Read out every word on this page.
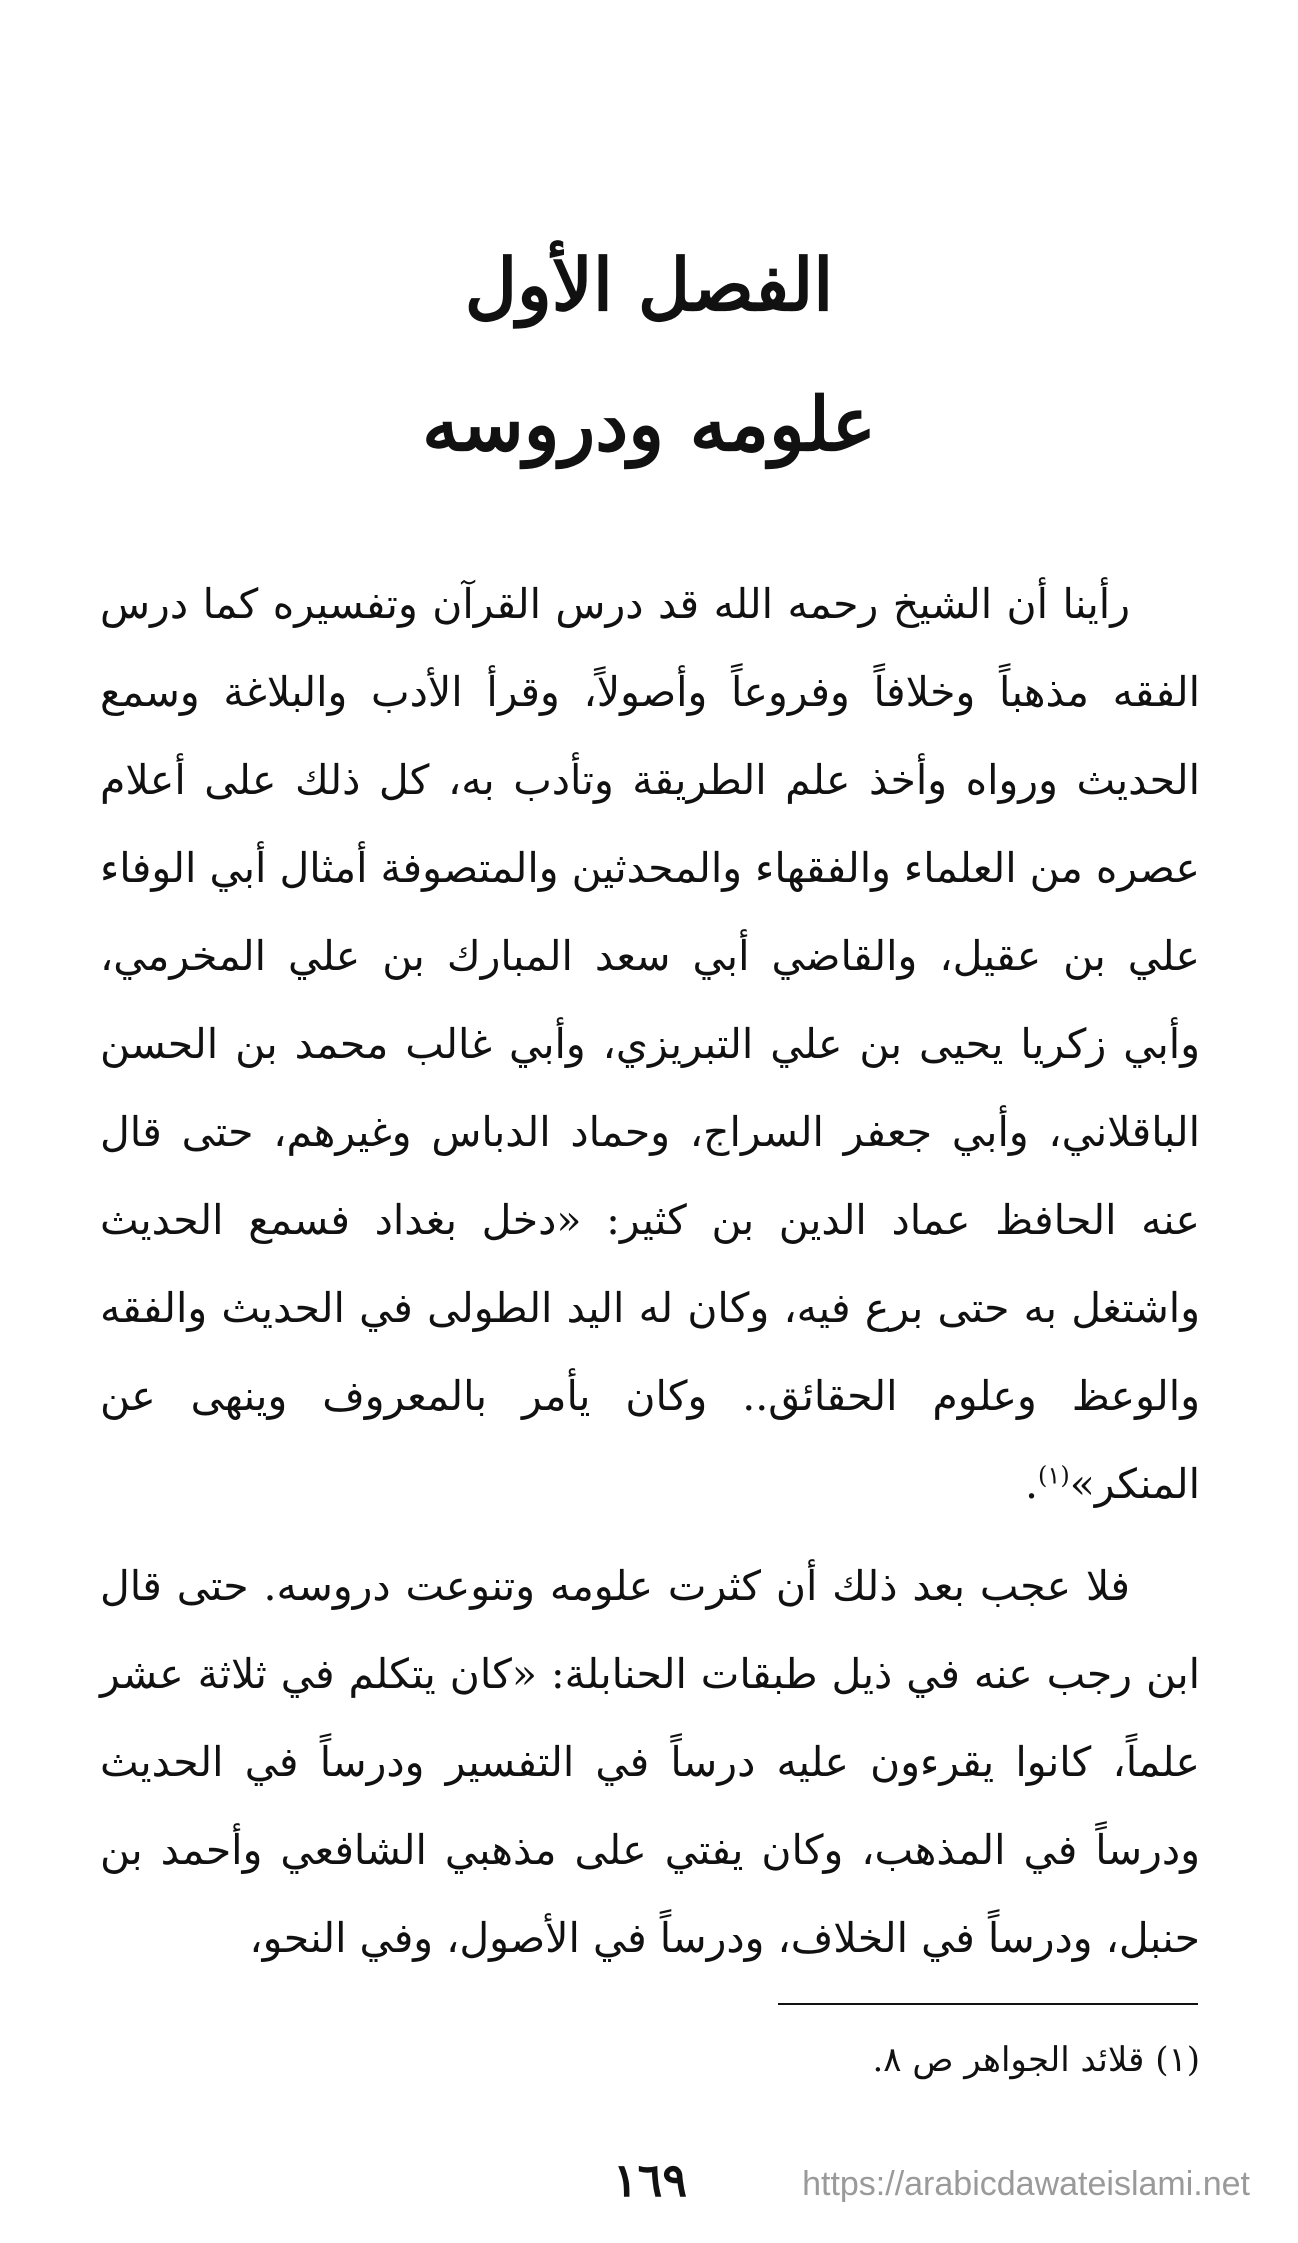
الفصل الأول
علومه ودروسه

رأينا أن الشيخ رحمه الله قد درس القرآن وتفسيره كما درس الفقه مذهباً وخلافاً وفروعاً وأصولاً، وقرأ الأدب والبلاغة وسمع الحديث ورواه وأخذ علم الطريقة وتأدب به، كل ذلك على أعلام عصره من العلماء والفقهاء والمحدثين والمتصوفة أمثال أبي الوفاء علي بن عقيل، والقاضي أبي سعد المبارك بن علي المخرمي، وأبي زكريا يحيى بن علي التبريزي، وأبي غالب محمد بن الحسن الباقلاني، وأبي جعفر السراج، وحماد الدباس وغيرهم، حتى قال عنه الحافظ عماد الدين بن كثير: «دخل بغداد فسمع الحديث واشتغل به حتى برع فيه، وكان له اليد الطولى في الحديث والفقه والوعظ وعلوم الحقائق.. وكان يأمر بالمعروف وينهى عن المنكر»$^{(١)}$.

فلا عجب بعد ذلك أن كثرت علومه وتنوعت دروسه. حتى قال ابن رجب عنه في ذيل طبقات الحنابلة: «كان يتكلم في ثلاثة عشر علماً، كانوا يقرءون عليه درساً في التفسير ودرساً في الحديث ودرساً في المذهب، وكان يفتي على مذهبي الشافعي وأحمد بن حنبل، ودرساً في الخلاف، ودرساً في الأصول، وفي النحو،

(١) قلائد الجواهر ص ٨.
١٦٩	https://arabicdawateislami.net
